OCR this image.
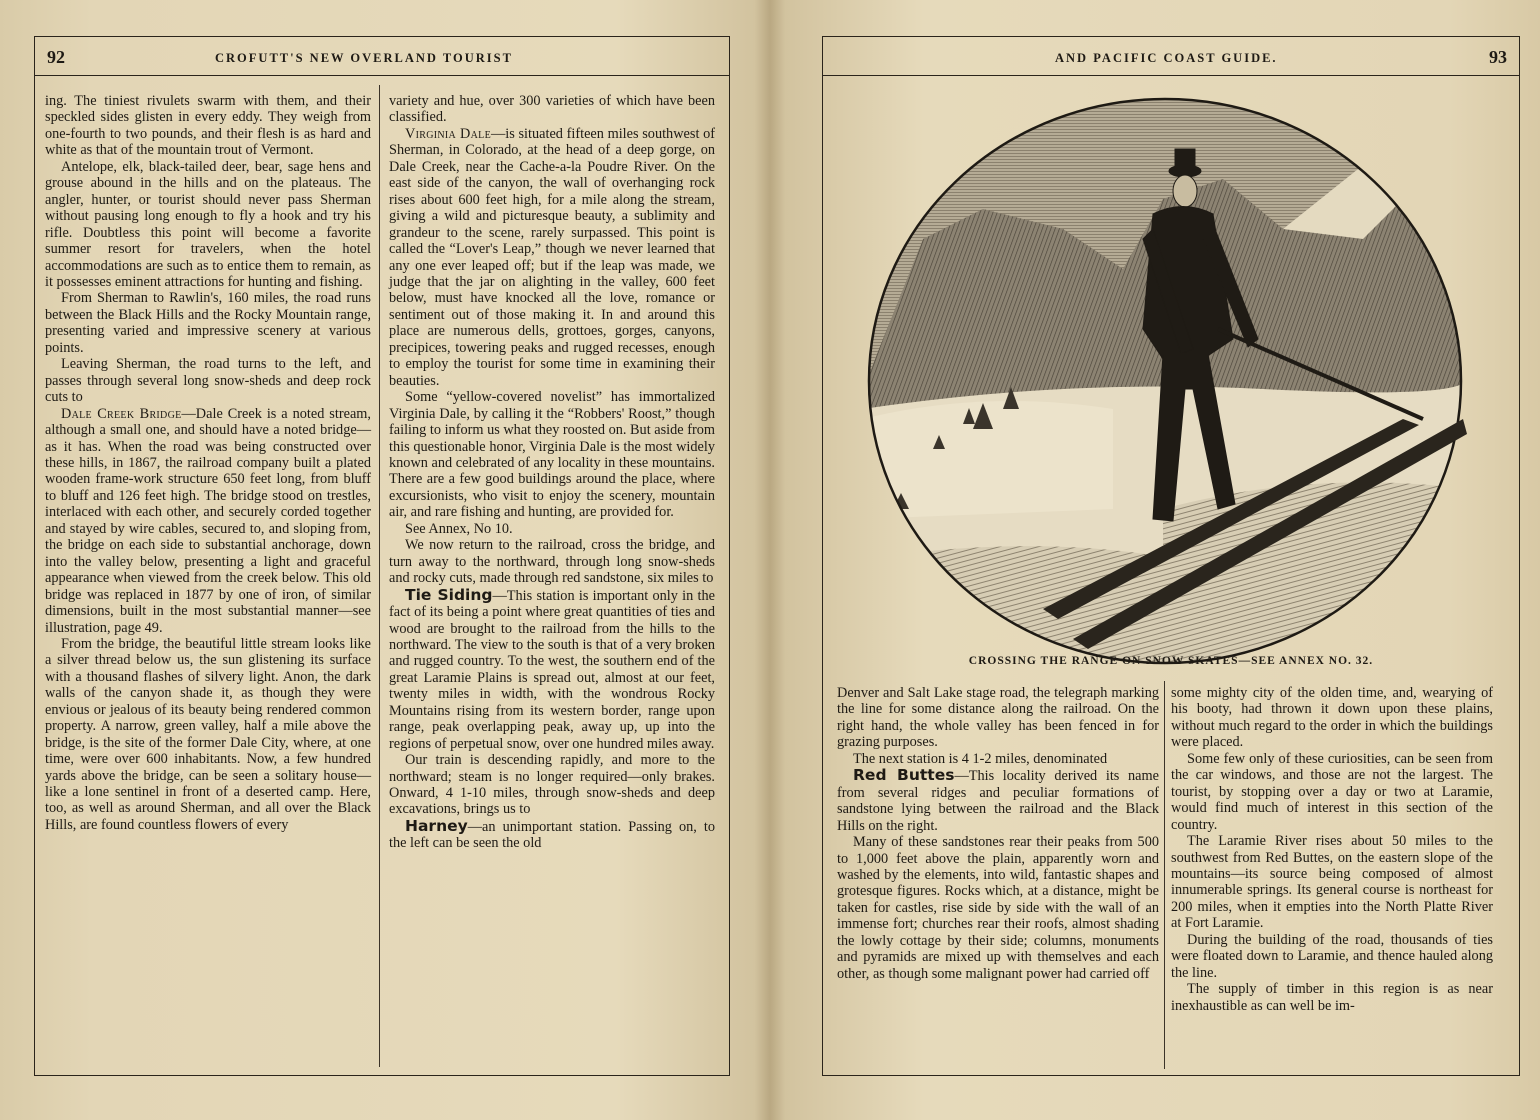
92	CROFUTT'S NEW OVERLAND TOURIST

ing. The tiniest rivulets swarm with them, and their speckled sides glisten in every eddy. They weigh from one-fourth to two pounds, and their flesh is as hard and white as that of the mountain trout of Vermont.

Antelope, elk, black-tailed deer, bear, sage hens and grouse abound in the hills and on the plateaus. The angler, hunter, or tourist should never pass Sherman without pausing long enough to fly a hook and try his rifle. Doubtless this point will become a favorite summer resort for travelers, when the hotel accommodations are such as to entice them to remain, as it possesses eminent attractions for hunting and fishing.

From Sherman to Rawlin's, 160 miles, the road runs between the Black Hills and the Rocky Mountain range, presenting varied and impressive scenery at various points.

Leaving Sherman, the road turns to the left, and passes through several long snow-sheds and deep rock cuts to

Dale Creek Bridge—Dale Creek is a noted stream, although a small one, and should have a noted bridge—as it has. When the road was being constructed over these hills, in 1867, the railroad company built a plated wooden frame-work structure 650 feet long, from bluff to bluff and 126 feet high. The bridge stood on trestles, interlaced with each other, and securely corded together and stayed by wire cables, secured to, and sloping from, the bridge on each side to substantial anchorage, down into the valley below, presenting a light and graceful appearance when viewed from the creek below. This old bridge was replaced in 1877 by one of iron, of similar dimensions, built in the most substantial manner—see illustration, page 49.

From the bridge, the beautiful little stream looks like a silver thread below us, the sun glistening its surface with a thousand flashes of silvery light. Anon, the dark walls of the canyon shade it, as though they were envious or jealous of its beauty being rendered common property. A narrow, green valley, half a mile above the bridge, is the site of the former Dale City, where, at one time, were over 600 inhabitants. Now, a few hundred yards above the bridge, can be seen a solitary house—like a lone sentinel in front of a deserted camp. Here, too, as well as around Sherman, and all over the Black Hills, are found countless flowers of every

variety and hue, over 300 varieties of which have been classified.

Virginia Dale—is situated fifteen miles southwest of Sherman, in Colorado, at the head of a deep gorge, on Dale Creek, near the Cache-a-la Poudre River. On the east side of the canyon, the wall of overhanging rock rises about 600 feet high, for a mile along the stream, giving a wild and picturesque beauty, a sublimity and grandeur to the scene, rarely surpassed. This point is called the “Lover's Leap,” though we never learned that any one ever leaped off; but if the leap was made, we judge that the jar on alighting in the valley, 600 feet below, must have knocked all the love, romance or sentiment out of those making it. In and around this place are numerous dells, grottoes, gorges, canyons, precipices, towering peaks and rugged recesses, enough to employ the tourist for some time in examining their beauties.

Some “yellow-covered novelist” has immortalized Virginia Dale, by calling it the “Robbers' Roost,” though failing to inform us what they roosted on. But aside from this questionable honor, Virginia Dale is the most widely known and celebrated of any locality in these mountains. There are a few good buildings around the place, where excursionists, who visit to enjoy the scenery, mountain air, and rare fishing and hunting, are provided for.

See Annex, No 10.

We now return to the railroad, cross the bridge, and turn away to the northward, through long snow-sheds and rocky cuts, made through red sandstone, six miles to

Tie Siding—This station is important only in the fact of its being a point where great quantities of ties and wood are brought to the railroad from the hills to the northward. The view to the south is that of a very broken and rugged country. To the west, the southern end of the great Laramie Plains is spread out, almost at our feet, twenty miles in width, with the wondrous Rocky Mountains rising from its western border, range upon range, peak overlapping peak, away up, up into the regions of perpetual snow, over one hundred miles away.

Our train is descending rapidly, and more to the northward; steam is no longer required—only brakes. Onward, 4 1-10 miles, through snow-sheds and deep excavations, brings us to

Harney—an unimportant station. Passing on, to the left can be seen the old

AND PACIFIC COAST GUIDE.	93
CROSSING THE RANGE ON SNOW SKATES—SEE ANNEX NO. 32.

Denver and Salt Lake stage road, the telegraph marking the line for some distance along the railroad. On the right hand, the whole valley has been fenced in for grazing purposes.

The next station is 4 1-2 miles, denominated

Red Buttes—This locality derived its name from several ridges and peculiar formations of sandstone lying between the railroad and the Black Hills on the right.

Many of these sandstones rear their peaks from 500 to 1,000 feet above the plain, apparently worn and washed by the elements, into wild, fantastic shapes and grotesque figures. Rocks which, at a distance, might be taken for castles, rise side by side with the wall of an immense fort; churches rear their roofs, almost shading the lowly cottage by their side; columns, monuments and pyramids are mixed up with themselves and each other, as though some malignant power had carried off

some mighty city of the olden time, and, wearying of his booty, had thrown it down upon these plains, without much regard to the order in which the buildings were placed.

Some few only of these curiosities, can be seen from the car windows, and those are not the largest. The tourist, by stopping over a day or two at Laramie, would find much of interest in this section of the country.

The Laramie River rises about 50 miles to the southwest from Red Buttes, on the eastern slope of the mountains—its source being composed of almost innumerable springs. Its general course is northeast for 200 miles, when it empties into the North Platte River at Fort Laramie.

During the building of the road, thousands of ties were floated down to Laramie, and thence hauled along the line.

The supply of timber in this region is as near inexhaustible as can well be im-
